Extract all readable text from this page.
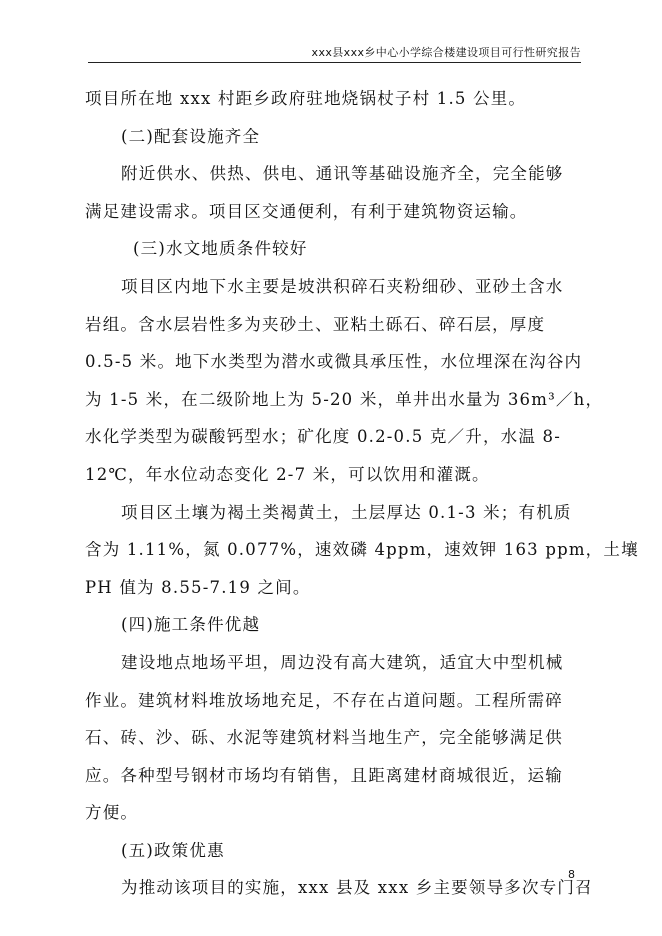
xxx县xxx乡中心小学综合楼建设项目可行性研究报告
项目所在地 xxx 村距乡政府驻地烧锅杖子村 1.5 公里。
(二)配套设施齐全
附近供水、供热、供电、通讯等基础设施齐全，完全能够
满足建设需求。项目区交通便利，有利于建筑物资运输。
(三)水文地质条件较好
项目区内地下水主要是坡洪积碎石夹粉细砂、亚砂土含水
岩组。含水层岩性多为夹砂土、亚粘土砾石、碎石层，厚度
0.5-5 米。地下水类型为潜水或微具承压性，水位埋深在沟谷内
为 1-5 米，在二级阶地上为 5-20 米，单井出水量为 36m³／h，
水化学类型为碳酸钙型水；矿化度 0.2-0.5 克／升，水温 8-
12℃，年水位动态变化 2-7 米，可以饮用和灌溉。
项目区土壤为褐土类褐黄土，土层厚达 0.1-3 米；有机质
含为 1.11%，氮 0.077%，速效磷 4ppm，速效钾 163 ppm，土壤
PH 值为 8.55-7.19 之间。
(四)施工条件优越
建设地点地场平坦，周边没有高大建筑，适宜大中型机械
作业。建筑材料堆放场地充足，不存在占道问题。工程所需碎
石、砖、沙、砾、水泥等建筑材料当地生产，完全能够满足供
应。各种型号钢材市场均有销售，且距离建材商城很近，运输
方便。
(五)政策优惠
为推动该项目的实施，xxx 县及 xxx 乡主要领导多次专门召
8
